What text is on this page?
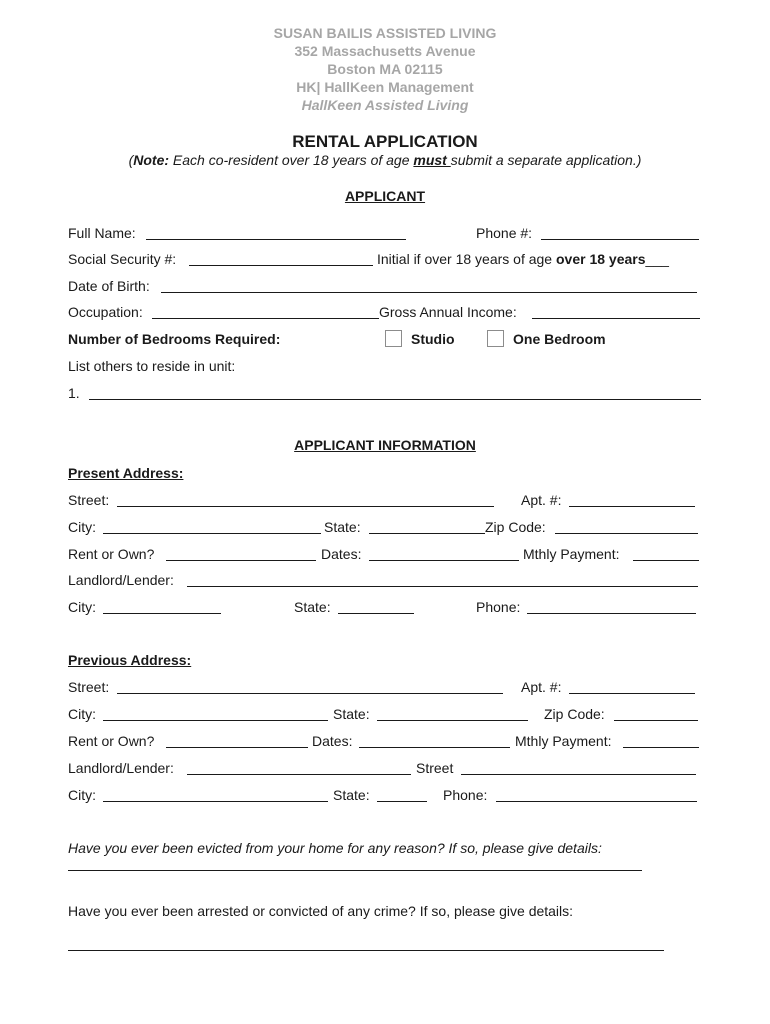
SUSAN BAILIS ASSISTED LIVING
352 Massachusetts Avenue
Boston MA 02115
HK| HallKeen Management
HallKeen Assisted Living
RENTAL APPLICATION
(Note: Each co-resident over 18 years of age must submit a separate application.)
APPLICANT
Full Name:	Phone #:
Social Security #:	Initial if over 18 years of age over 18 years___
Date of Birth:
Occupation:	Gross Annual Income:
Number of Bedrooms Required:	Studio	One Bedroom
List others to reside in unit:
1.
APPLICANT INFORMATION
Present Address:
Street:	Apt. #:
City:	State:	Zip Code:
Rent or Own?	Dates:	Mthly Payment:
Landlord/Lender:
City:	State:	Phone:
Previous Address:
Street:	Apt. #:
City:	State:	Zip Code:
Rent or Own?	Dates:	Mthly Payment:
Landlord/Lender:	Street
City:	State:	Phone:
Have you ever been evicted from your home for any reason? If so, please give details:
Have you ever been arrested or convicted of any crime? If so, please give details:
